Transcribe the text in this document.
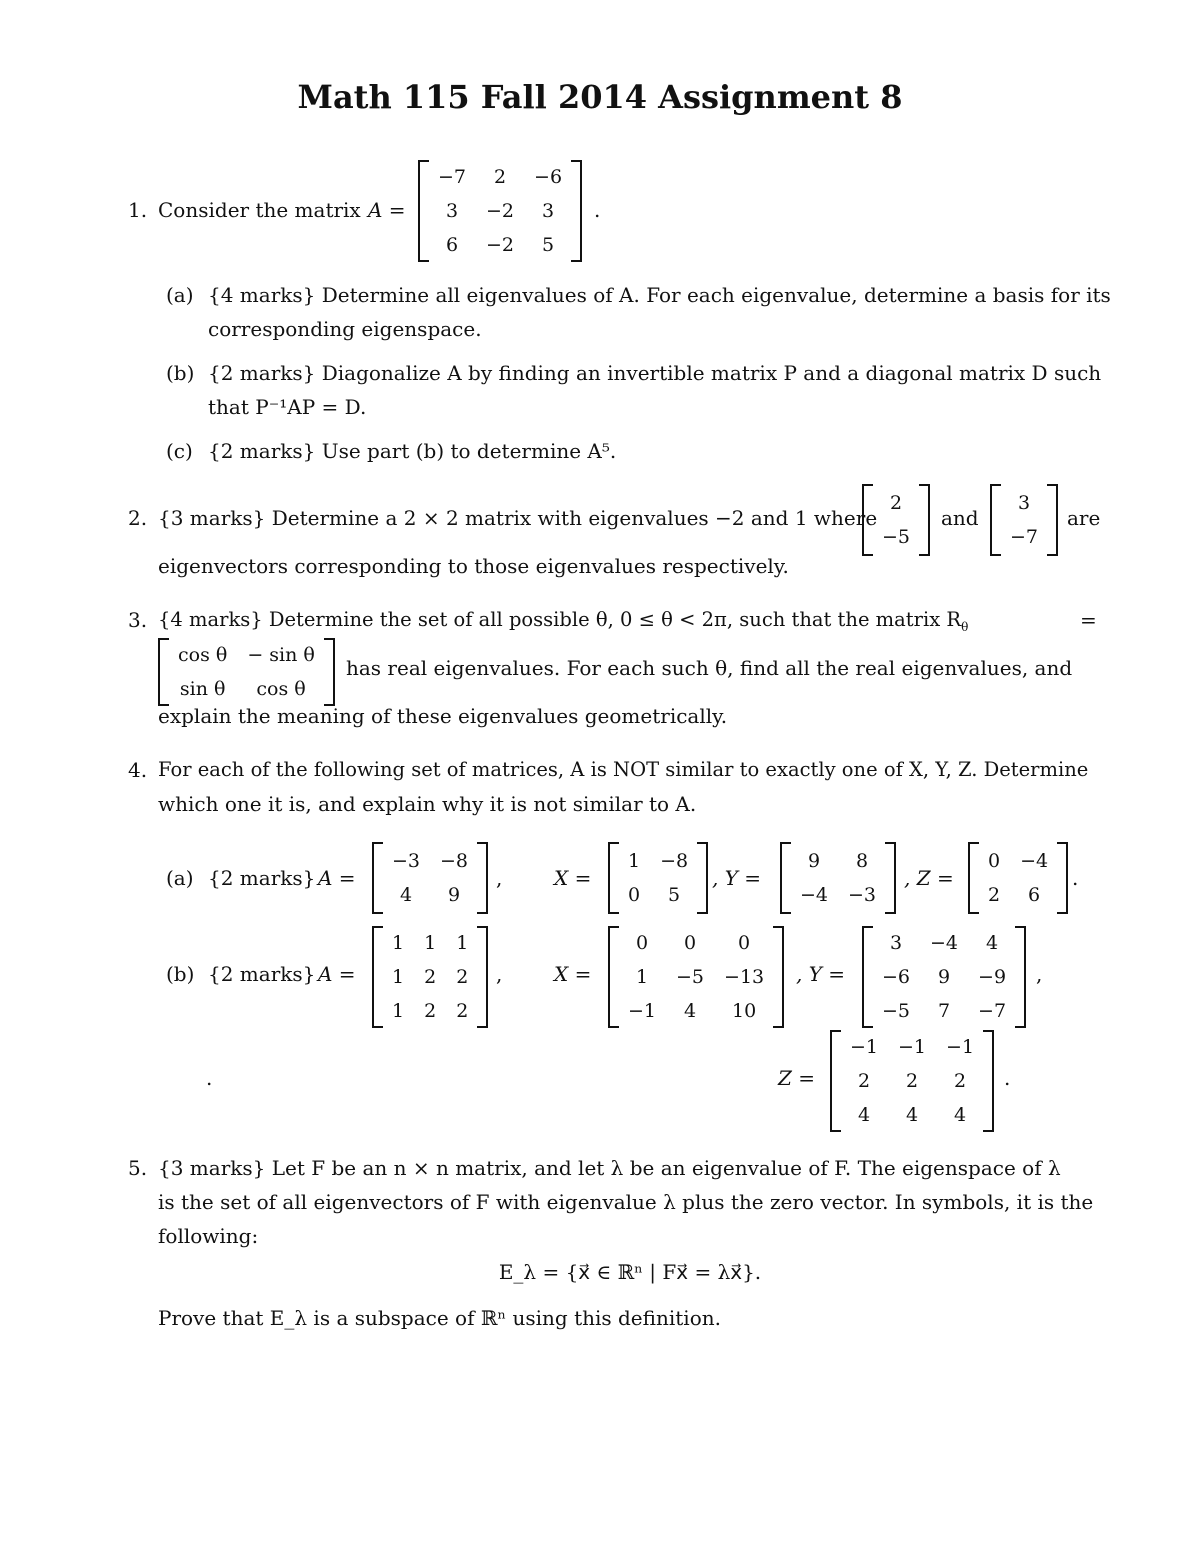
Math 115 Fall 2014 Assignment 8
1. Consider the matrix A =
−7	2	−6
3	−2	3
6	−2	5
.
(a) {4 marks} Determine all eigenvalues of A. For each eigenvalue, determine a basis for its
corresponding eigenspace.
(b) {2 marks} Diagonalize A by finding an invertible matrix P and a diagonal matrix D such
that P⁻¹AP = D.
(c) {2 marks} Use part (b) to determine A⁵.
2. {3 marks} Determine a 2 × 2 matrix with eigenvalues −2 and 1 where
2
−5
and
3
−7
are
eigenvectors corresponding to those eigenvalues respectively.
3. {4 marks} Determine the set of all possible θ, 0 ≤ θ < 2π, such that the matrix $R_\theta$	=
cos θ	− sin θ
sin θ	cos θ
has real eigenvalues. For each such θ, find all the real eigenvalues, and
explain the meaning of these eigenvalues geometrically.
4. For each of the following set of matrices, A is NOT similar to exactly one of X, Y, Z. Determine
which one it is, and explain why it is not similar to A.
(a) {2 marks} A =
−3	−8
4	9
,	X =
1	−8
0	5
, Y =
9	8
−4	−3
, Z =
0	−4
2	6
.
(b) {2 marks} A =
1	1	1
1	2	2
1	2	2
,	X =
0	0	0
1	−5	−13
−1	4	10
, Y =
3	−4	4
−6	9	−9
−5	7	−7
,
.	Z =
−1	−1	−1
2	2	2
4	4	4
.
5. {3 marks} Let F be an n × n matrix, and let λ be an eigenvalue of F. The eigenspace of λ
is the set of all eigenvectors of F with eigenvalue λ plus the zero vector. In symbols, it is the
following:
E_λ = {x⃗ ∈ ℝⁿ | Fx⃗ = λx⃗}.
Prove that E_λ is a subspace of ℝⁿ using this definition.
